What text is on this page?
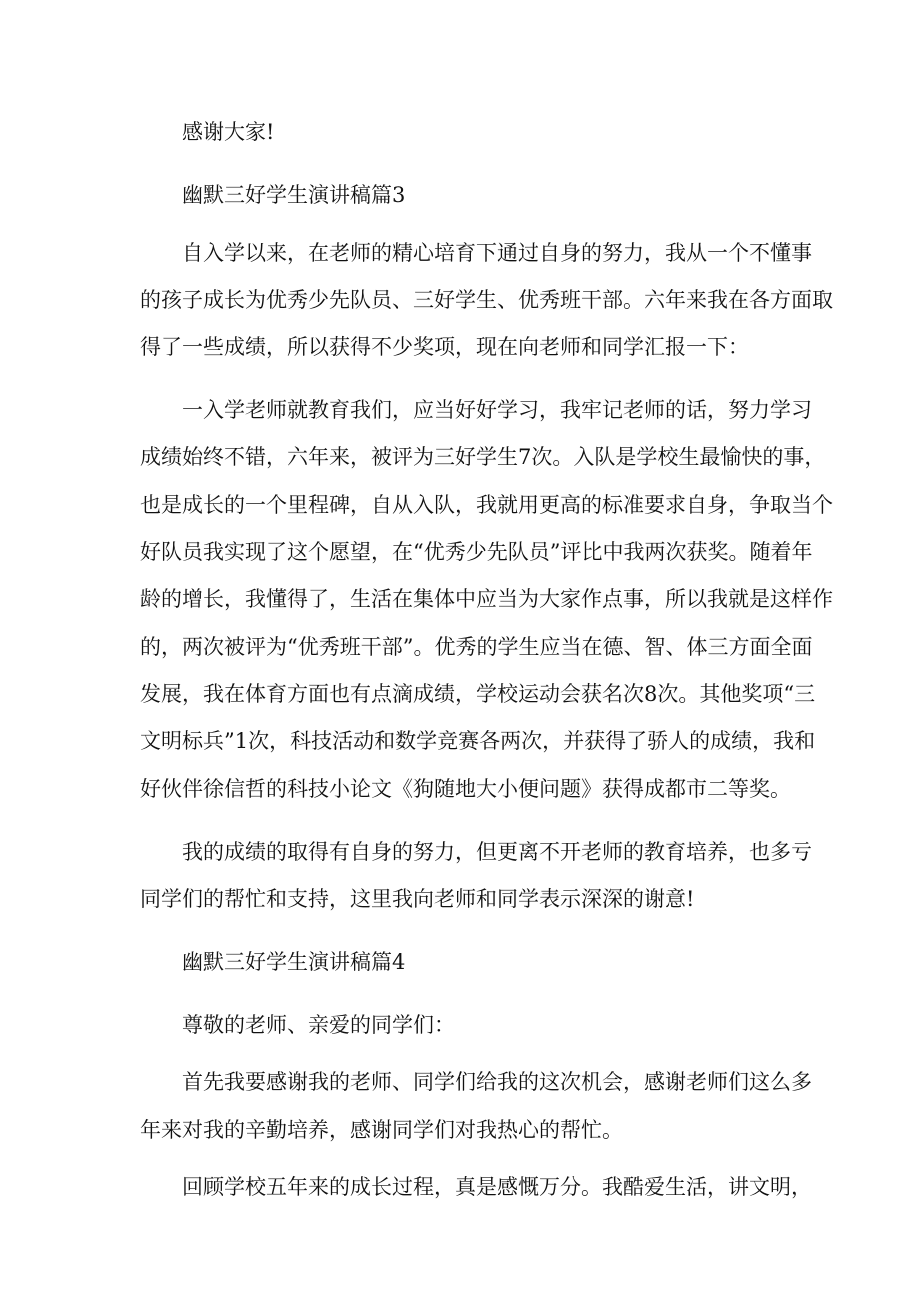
感谢大家!
幽默三好学生演讲稿篇3
自入学以来，在老师的精心培育下通过自身的努力，我从一个不懂事
的孩子成长为优秀少先队员、三好学生、优秀班干部。六年来我在各方面取
得了一些成绩，所以获得不少奖项，现在向老师和同学汇报一下：
一入学老师就教育我们，应当好好学习，我牢记老师的话，努力学习
成绩始终不错，六年来，被评为三好学生7次。入队是学校生最愉快的事，
也是成长的一个里程碑，自从入队，我就用更高的标准要求自身，争取当个
好队员我实现了这个愿望，在“优秀少先队员”评比中我两次获奖。随着年
龄的增长，我懂得了，生活在集体中应当为大家作点事，所以我就是这样作
的，两次被评为“优秀班干部”。优秀的学生应当在德、智、体三方面全面
发展，我在体育方面也有点滴成绩，学校运动会获名次8次。其他奖项“三
文明标兵”1次，科技活动和数学竞赛各两次，并获得了骄人的成绩，我和
好伙伴徐信哲的科技小论文《狗随地大小便问题》获得成都市二等奖。
我的成绩的取得有自身的努力，但更离不开老师的教育培养，也多亏
同学们的帮忙和支持，这里我向老师和同学表示深深的谢意!
幽默三好学生演讲稿篇4
尊敬的老师、亲爱的同学们：
首先我要感谢我的老师、同学们给我的这次机会，感谢老师们这么多
年来对我的辛勤培养，感谢同学们对我热心的帮忙。
回顾学校五年来的成长过程，真是感慨万分。我酷爱生活，讲文明，
